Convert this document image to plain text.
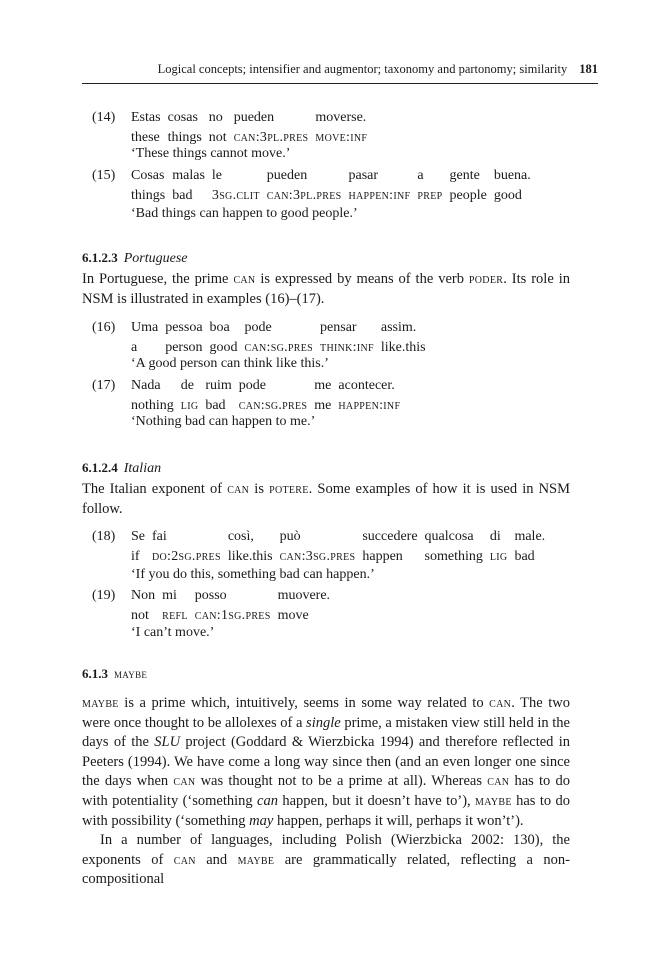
Logical concepts; intensifier and augmentor; taxonomy and partonomy; similarity 181
(14) Estas cosas no pueden	moverse.
these things not can:3pl.pres move:inf
‘These things cannot move.’
(15) Cosas malas le	pueden	pasar	a	gente	buena.
things bad	3sg.clit can:3pl.pres happen:inf prep people good
‘Bad things can happen to good people.’
6.1.2.3 Portuguese

In Portuguese, the prime can is expressed by means of the verb poder. Its role in NSM is illustrated in examples (16)–(17).

(16) Uma pessoa boa	pode	pensar	assim.
a	person good can:sg.pres think:inf like.this
‘A good person can think like this.’
(17) Nada	de ruim pode	me acontecer.
nothing lig bad can:sg.pres me happen:inf
‘Nothing bad can happen to me.’
6.1.2.4 Italian

The Italian exponent of can is potere. Some examples of how it is used in NSM follow.

(18) Se fai	così,	può	succedere qualcosa	di male.
if do:2sg.pres like.this can:3sg.pres happen	something lig bad
‘If you do this, something bad can happen.’
(19) Non mi	posso	muovere.
not refl can:1sg.pres move
‘I can’t move.’
6.1.3 maybe

maybe is a prime which, intuitively, seems in some way related to can. The two were once thought to be allolexes of a single prime, a mistaken view still held in the days of the SLU project (Goddard & Wierzbicka 1994) and therefore reflected in Peeters (1994). We have come a long way since then (and an even longer one since the days when can was thought not to be a prime at all). Whereas can has to do with potentiality (‘something can happen, but it doesn’t have to’), maybe has to do with possibility (‘something may happen, perhaps it will, perhaps it won’t’).

In a number of languages, including Polish (Wierzbicka 2002: 130), the exponents of can and maybe are grammatically related, reflecting a non-compositional
